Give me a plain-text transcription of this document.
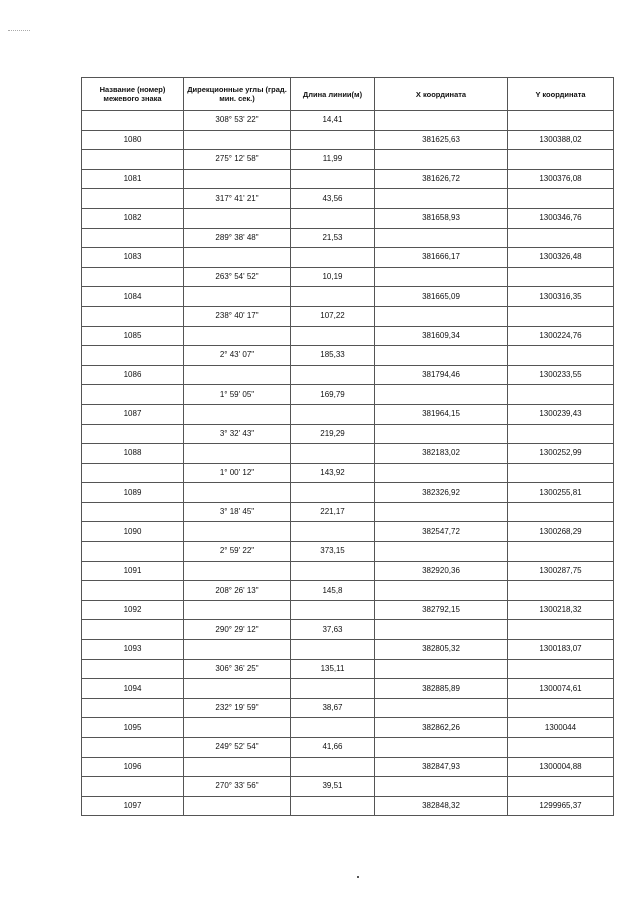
Название (номер) межевого знака	Дирекционные углы (град. мин. сек.)	Длина линии(м)	X координата	Y координата
	308° 53' 22"	14,41		
1080			381625,63	1300388,02
	275° 12' 58"	11,99		
1081			381626,72	1300376,08
	317° 41' 21"	43,56		
1082			381658,93	1300346,76
	289° 38' 48"	21,53		
1083			381666,17	1300326,48
	263° 54' 52"	10,19		
1084			381665,09	1300316,35
	238° 40' 17"	107,22		
1085			381609,34	1300224,76
	2° 43' 07"	185,33		
1086			381794,46	1300233,55
	1° 59' 05"	169,79		
1087			381964,15	1300239,43
	3° 32' 43"	219,29		
1088			382183,02	1300252,99
	1° 00' 12"	143,92		
1089			382326,92	1300255,81
	3° 18' 45"	221,17		
1090			382547,72	1300268,29
	2° 59' 22"	373,15		
1091			382920,36	1300287,75
	208° 26' 13"	145,8		
1092			382792,15	1300218,32
	290° 29' 12"	37,63		
1093			382805,32	1300183,07
	306° 36' 25"	135,11		
1094			382885,89	1300074,61
	232° 19' 59"	38,67		
1095			382862,26	1300044
	249° 52' 54"	41,66		
1096			382847,93	1300004,88
	270° 33' 56"	39,51		
1097			382848,32	1299965,37
